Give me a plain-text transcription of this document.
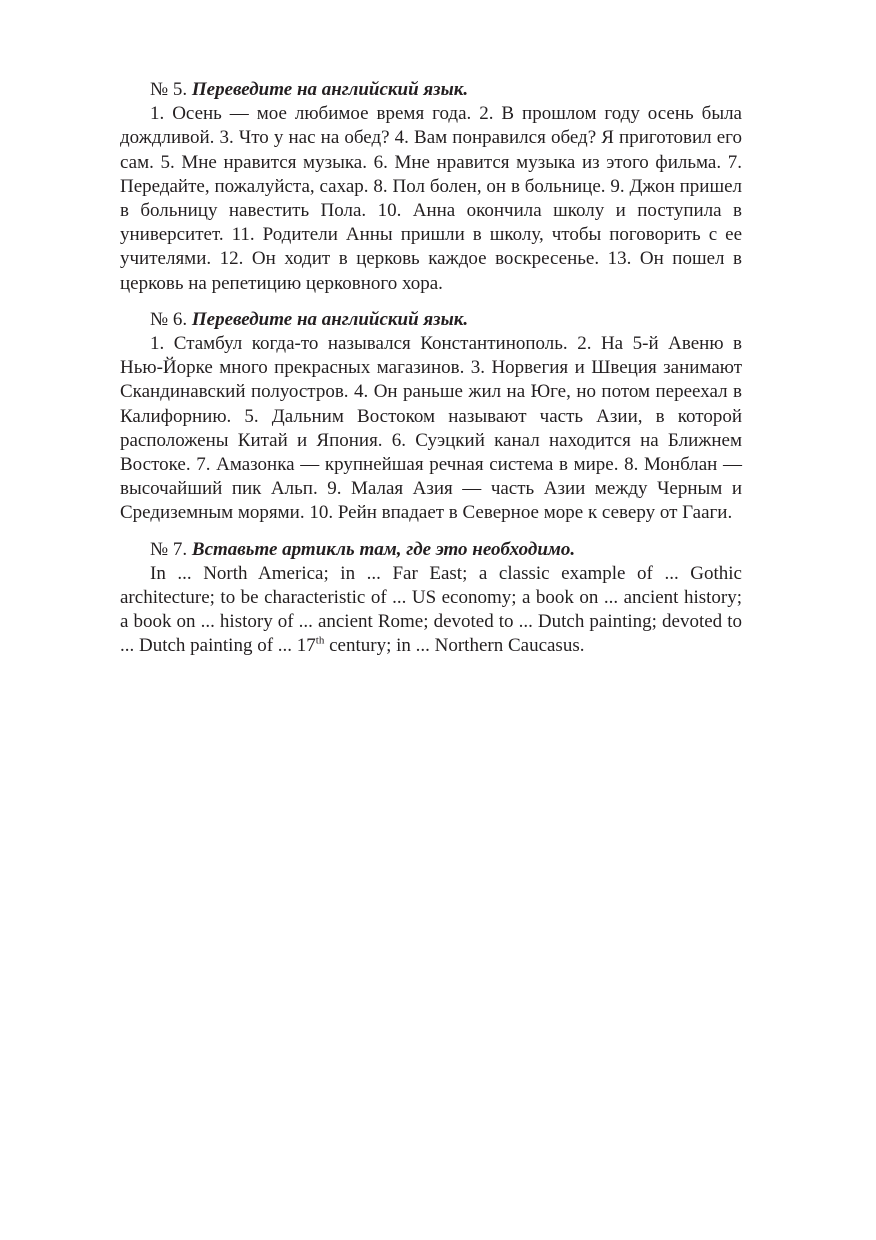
№ 5. Переведите на английский язык.

1. Осень — мое любимое время года. 2. В прошлом году осень была дождливой. 3. Что у нас на обед? 4. Вам понравился обед? Я приготовил его сам. 5. Мне нравится музыка. 6. Мне нравится музыка из этого фильма. 7. Передайте, пожалуйста, сахар. 8. Пол болен, он в больнице. 9. Джон пришел в больницу навестить Пола. 10. Анна окончила школу и поступила в университет. 11. Родители Анны пришли в школу, чтобы поговорить с ее учителями. 12. Он ходит в церковь каждое воскресенье. 13. Он пошел в церковь на репетицию церковного хора.

№ 6. Переведите на английский язык.

1. Стамбул когда-то назывался Константинополь. 2. На 5-й Авеню в Нью-Йорке много прекрасных магазинов. 3. Норвегия и Швеция занимают Скандинавский полуостров. 4. Он раньше жил на Юге, но потом переехал в Калифорнию. 5. Дальним Востоком называют часть Азии, в которой расположены Китай и Япония. 6. Суэцкий канал находится на Ближнем Востоке. 7. Амазонка — крупнейшая речная система в мире. 8. Монблан — высочайший пик Альп. 9. Малая Азия — часть Азии между Черным и Средиземным морями. 10. Рейн впадает в Северное море к северу от Гааги.

№ 7. Вставьте артикль там, где это необходимо.

In ... North America; in ... Far East; a classic example of ... Gothic architecture; to be characteristic of ... US economy; a book on ... ancient history; a book on ... history of ... ancient Rome; devoted to ... Dutch painting; devoted to ... Dutch painting of ... 17th century; in ... Northern Caucasus.
